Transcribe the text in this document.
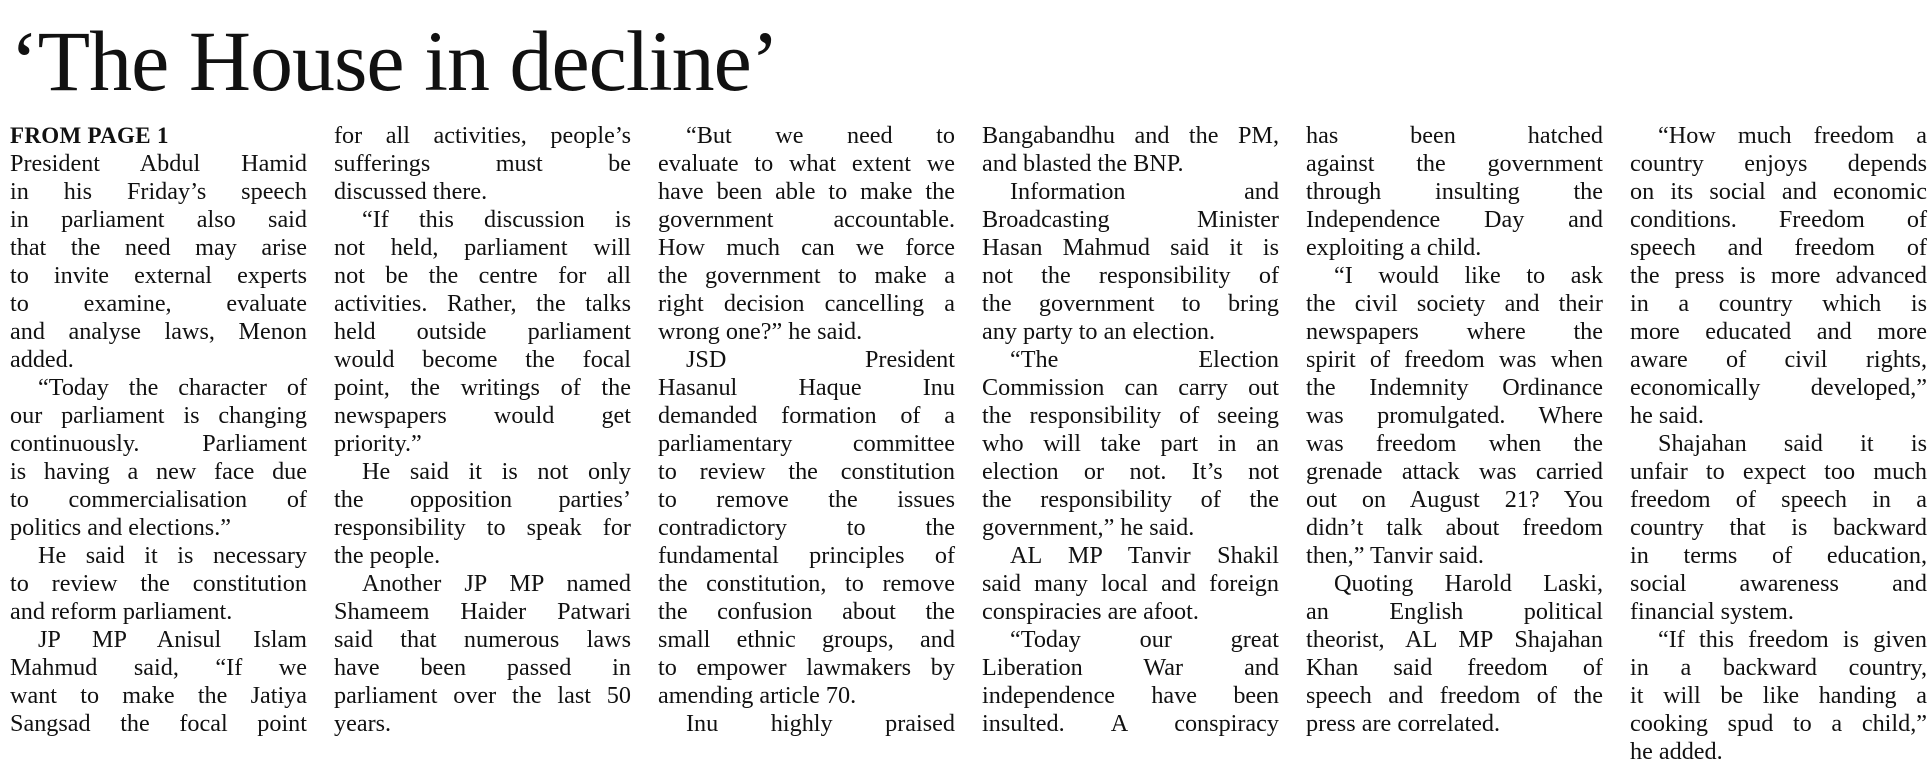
‘The House in decline’
FROM PAGE 1
President Abdul Hamid
in his Friday’s speech
in parliament also said
that the need may arise
to invite external experts
to examine, evaluate
and analyse laws, Menon
added.
“Today the character of
our parliament is changing
continuously. Parliament
is having a new face due
to commercialisation of
politics and elections.”
He said it is necessary
to review the constitution
and reform parliament.
JP MP Anisul Islam
Mahmud said, “If we
want to make the Jatiya
Sangsad the focal point
for all activities, people’s
sufferings must be
discussed there.
“If this discussion is
not held, parliament will
not be the centre for all
activities. Rather, the talks
held outside parliament
would become the focal
point, the writings of the
newspapers would get
priority.”
He said it is not only
the opposition parties’
responsibility to speak for
the people.
Another JP MP named
Shameem Haider Patwari
said that numerous laws
have been passed in
parliament over the last 50
years.
“But we need to
evaluate to what extent we
have been able to make the
government accountable.
How much can we force
the government to make a
right decision cancelling a
wrong one?” he said.
JSD President
Hasanul Haque Inu
demanded formation of a
parliamentary committee
to review the constitution
to remove the issues
contradictory to the
fundamental principles of
the constitution, to remove
the confusion about the
small ethnic groups, and
to empower lawmakers by
amending article 70.
Inu highly praised
Bangabandhu and the PM,
and blasted the BNP.
Information and
Broadcasting Minister
Hasan Mahmud said it is
not the responsibility of
the government to bring
any party to an election.
“The Election
Commission can carry out
the responsibility of seeing
who will take part in an
election or not. It’s not
the responsibility of the
government,” he said.
AL MP Tanvir Shakil
said many local and foreign
conspiracies are afoot.
“Today our great
Liberation War and
independence have been
insulted. A conspiracy
has been hatched
against the government
through insulting the
Independence Day and
exploiting a child.
“I would like to ask
the civil society and their
newspapers where the
spirit of freedom was when
the Indemnity Ordinance
was promulgated. Where
was freedom when the
grenade attack was carried
out on August 21? You
didn’t talk about freedom
then,” Tanvir said.
Quoting Harold Laski,
an English political
theorist, AL MP Shajahan
Khan said freedom of
speech and freedom of the
press are correlated.
“How much freedom a
country enjoys depends
on its social and economic
conditions. Freedom of
speech and freedom of
the press is more advanced
in a country which is
more educated and more
aware of civil rights,
economically developed,”
he said.
Shajahan said it is
unfair to expect too much
freedom of speech in a
country that is backward
in terms of education,
social awareness and
financial system.
“If this freedom is given
in a backward country,
it will be like handing a
cooking spud to a child,”
he added.
